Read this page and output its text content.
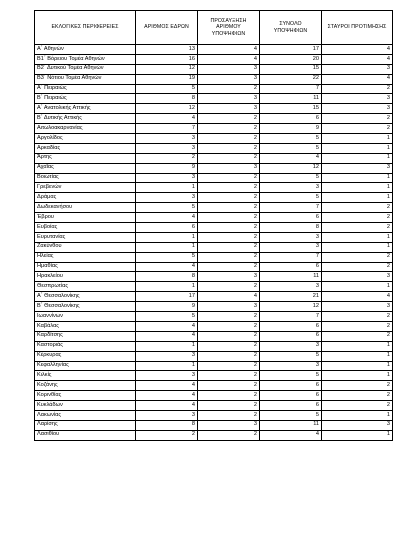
ΕΚΛΟΓΙΚΕΣ ΠΕΡΙΦΕΡΕΙΕΣ	ΑΡΙΘΜΟΣ ΕΔΡΩΝ	ΠΡΟΣΑΥΞΗΣΗ ΑΡΙΘΜΟΥ ΥΠΟΨΗΦΙΩΝ	ΣΥΝΟΛΟ ΥΠΟΨΗΦΙΩΝ	ΣΤΑΥΡΟΙ ΠΡΟΤΙΜΗΣΗΣ
Α΄ Αθηνών	13	4	17	4
Β1΄ Βόρειου Τομέα Αθηνών	16	4	20	4
Β2΄ Δυτικού Τομέα Αθηνών	12	3	15	3
Β3΄ Νότιου Τομέα Αθηνών	19	3	22	4
Α΄ Πειραιώς	5	2	7	2
Β΄ Πειραιώς	8	3	11	3
Α΄ Ανατολικής Αττικής	12	3	15	3
Β΄ Δυτικής Αττικής	4	2	6	2
Αιτωλοακαρνανίας	7	2	9	2
Αργολίδος	3	2	5	1
Αρκαδίας	3	2	5	1
Άρτης	2	2	4	1
Αχαΐας	9	3	12	3
Βοιωτίας	3	2	5	1
Γρεβενών	1	2	3	1
Δράμας	3	2	5	1
Δωδεκανήσου	5	2	7	2
Έβρου	4	2	6	2
Ευβοίας	6	2	8	2
Ευρυτανίας	1	2	3	1
Ζακύνθου	1	2	3	1
Ηλείας	5	2	7	2
Ημαθίας	4	2	6	2
Ηρακλείου	8	3	11	3
Θεσπρωτίας	1	2	3	1
Α΄ Θεσσαλονίκης	17	4	21	4
Β΄ Θεσσαλονίκης	9	3	12	3
Ιωαννίνων	5	2	7	2
Καβάλας	4	2	6	2
Καρδίτσης	4	2	6	2
Καστοριάς	1	2	3	1
Κέρκυρας	3	2	5	1
Κεφαλληνίας	1	2	3	1
Κιλκίς	3	2	5	1
Κοζάνης	4	2	6	2
Κορινθίας	4	2	6	2
Κυκλάδων	4	2	6	2
Λακωνίας	3	2	5	1
Λαρίσης	8	3	11	3
Λασιθίου	2	2	4	1
